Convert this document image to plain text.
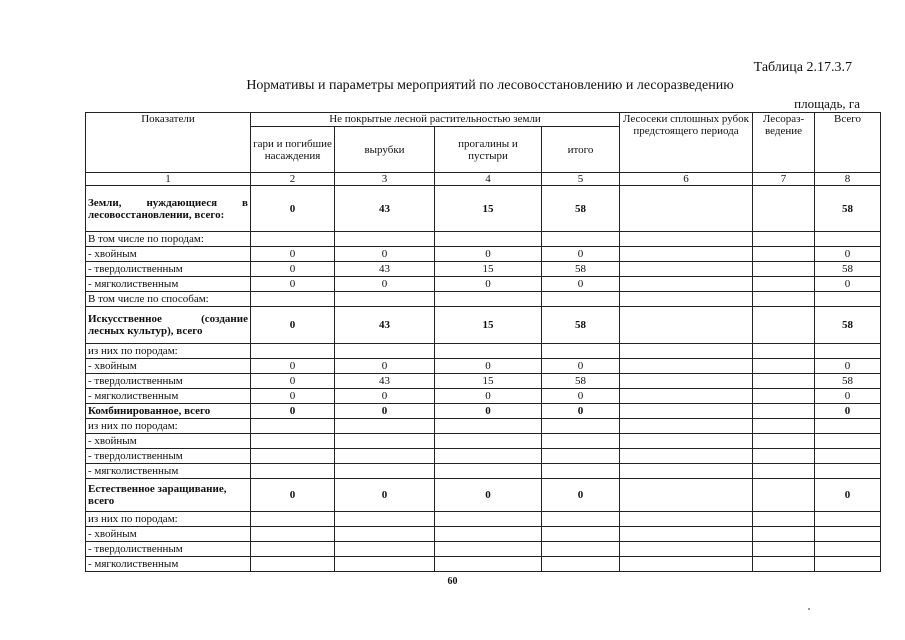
Таблица 2.17.3.7
Нормативы и параметры мероприятий по лесовосстановлению и лесоразведению
площадь, га
Показатели	Не покрытые лесной растительностью земли				Лесосеки сплошных рубок предстоящего периода	Лесораз-ведение	Всего
	гари и погибшие насаждения	вырубки	прогалины и пустыри	итого			
1	2	3	4	5	6	7	8
Земли, нуждающиеся в лесовосстановлении, всего:	0	43	15	58			58
В том числе по породам:							
- хвойным	0	0	0	0			0
- твердолиственным	0	43	15	58			58
- мягколиственным	0	0	0	0			0
В том числе по способам:							
Искусственное (создание лесных культур), всего	0	43	15	58			58
из них по породам:							
- хвойным	0	0	0	0			0
- твердолиственным	0	43	15	58			58
- мягколиственным	0	0	0	0			0
Комбинированное, всего	0	0	0	0			0
из них по породам:							
- хвойным							
- твердолиственным							
- мягколиственным							
Естественное заращивание, всего	0	0	0	0			0
из них по породам:							
- хвойным							
- твердолиственным							
- мягколиственным							
60
